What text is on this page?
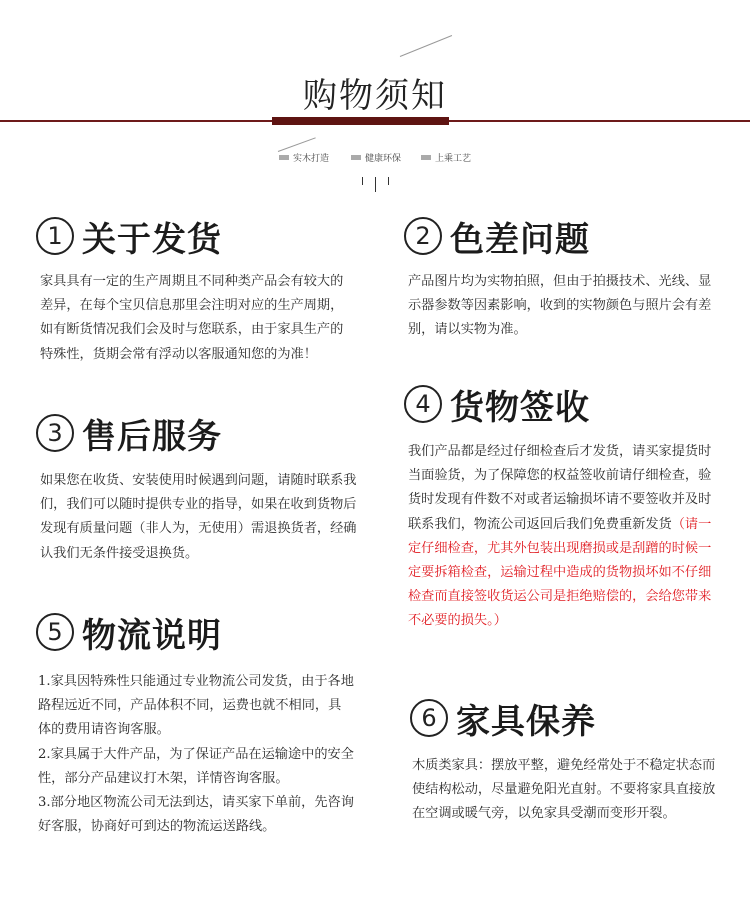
购物须知
实木打造	健康环保	上乘工艺
1 关于发货

家具具有一定的生产周期且不同种类产品会有较大的差异，在每个宝贝信息那里会注明对应的生产周期，如有断货情况我们会及时与您联系，由于家具生产的特殊性，货期会常有浮动以客服通知您的为准！

2 色差问题

产品图片均为实物拍照，但由于拍摄技术、光线、显示器参数等因素影响，收到的实物颜色与照片会有差别，请以实物为准。

3 售后服务

如果您在收货、安装使用时候遇到问题，请随时联系我们，我们可以随时提供专业的指导，如果在收到货物后发现有质量问题（非人为，无使用）需退换货者，经确认我们无条件接受退换货。

4 货物签收

我们产品都是经过仔细检查后才发货，请买家提货时当面验货，为了保障您的权益签收前请仔细检查，验货时发现有件数不对或者运输损坏请不要签收并及时联系我们，物流公司返回后我们免费重新发货（请一定仔细检查，尤其外包装出现磨损或是刮蹭的时候一定要拆箱检查，运输过程中造成的货物损坏如不仔细检查而直接签收货运公司是拒绝赔偿的，会给您带来不必要的损失。）

5 物流说明

1.家具因特殊性只能通过专业物流公司发货，由于各地路程远近不同，产品体积不同，运费也就不相同，具体的费用请咨询客服。

2.家具属于大件产品，为了保证产品在运输途中的安全性，部分产品建议打木架，详情咨询客服。

3.部分地区物流公司无法到达，请买家下单前，先咨询好客服，协商好可到达的物流运送路线。

6 家具保养

木质类家具：摆放平整，避免经常处于不稳定状态而使结构松动，尽量避免阳光直射。不要将家具直接放在空调或暖气旁，以免家具受潮而变形开裂。
